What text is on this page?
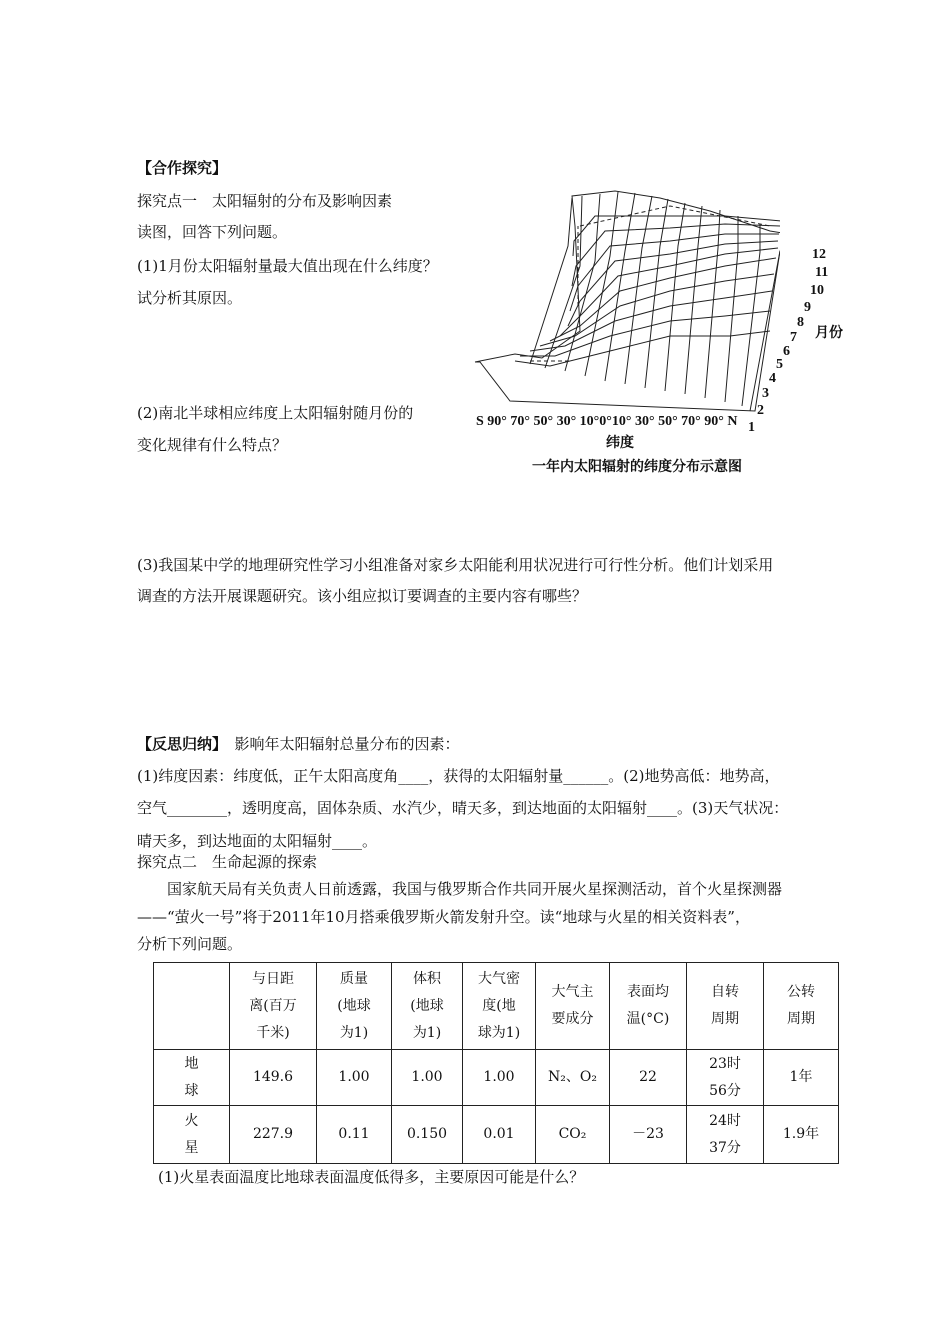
【合作探究】
探究点一　太阳辐射的分布及影响因素
读图，回答下列问题。
(1)1月份太阳辐射量最大值出现在什么纬度？
试分析其原因。
(2)南北半球相应纬度上太阳辐射随月份的
变化规律有什么特点？
12
11
10
9
8
月份
7
6
5
4
3
2
1
S 90° 70° 50° 30° 10°0°10° 30° 50° 70° 90° N
纬度
一年内太阳辐射的纬度分布示意图
(3)我国某中学的地理研究性学习小组准备对家乡太阳能利用状况进行可行性分析。他们计划采用
调查的方法开展课题研究。该小组应拟订要调查的主要内容有哪些？
【反思归纳】　影响年太阳辐射总量分布的因素：
(1)纬度因素：纬度低，正午太阳高度角____，获得的太阳辐射量______。(2)地势高低：地势高，
空气________，透明度高，固体杂质、水汽少，晴天多，到达地面的太阳辐射____。(3)天气状况：
晴天多，到达地面的太阳辐射____。
探究点二　生命起源的探索
　　国家航天局有关负责人日前透露，我国与俄罗斯合作共同开展火星探测活动，首个火星探测器
——“萤火一号”将于2011年10月搭乘俄罗斯火箭发射升空。读“地球与火星的相关资料表”，
分析下列问题。

	与日距
离(百万
千米)	质量
(地球
为1)	体积
(地球
为1)	大气密
度(地
球为1)	大气主
要成分	表面均
温(°C)	自转
周期	公转
周期

地
球	149.6	1.00	1.00	1.00	N₂、O₂	22	23时
56分	1年

火
星	227.9	0.11	0.150	0.01	CO₂	－23	24时
37分	1.9年
(1)火星表面温度比地球表面温度低得多，主要原因可能是什么？
